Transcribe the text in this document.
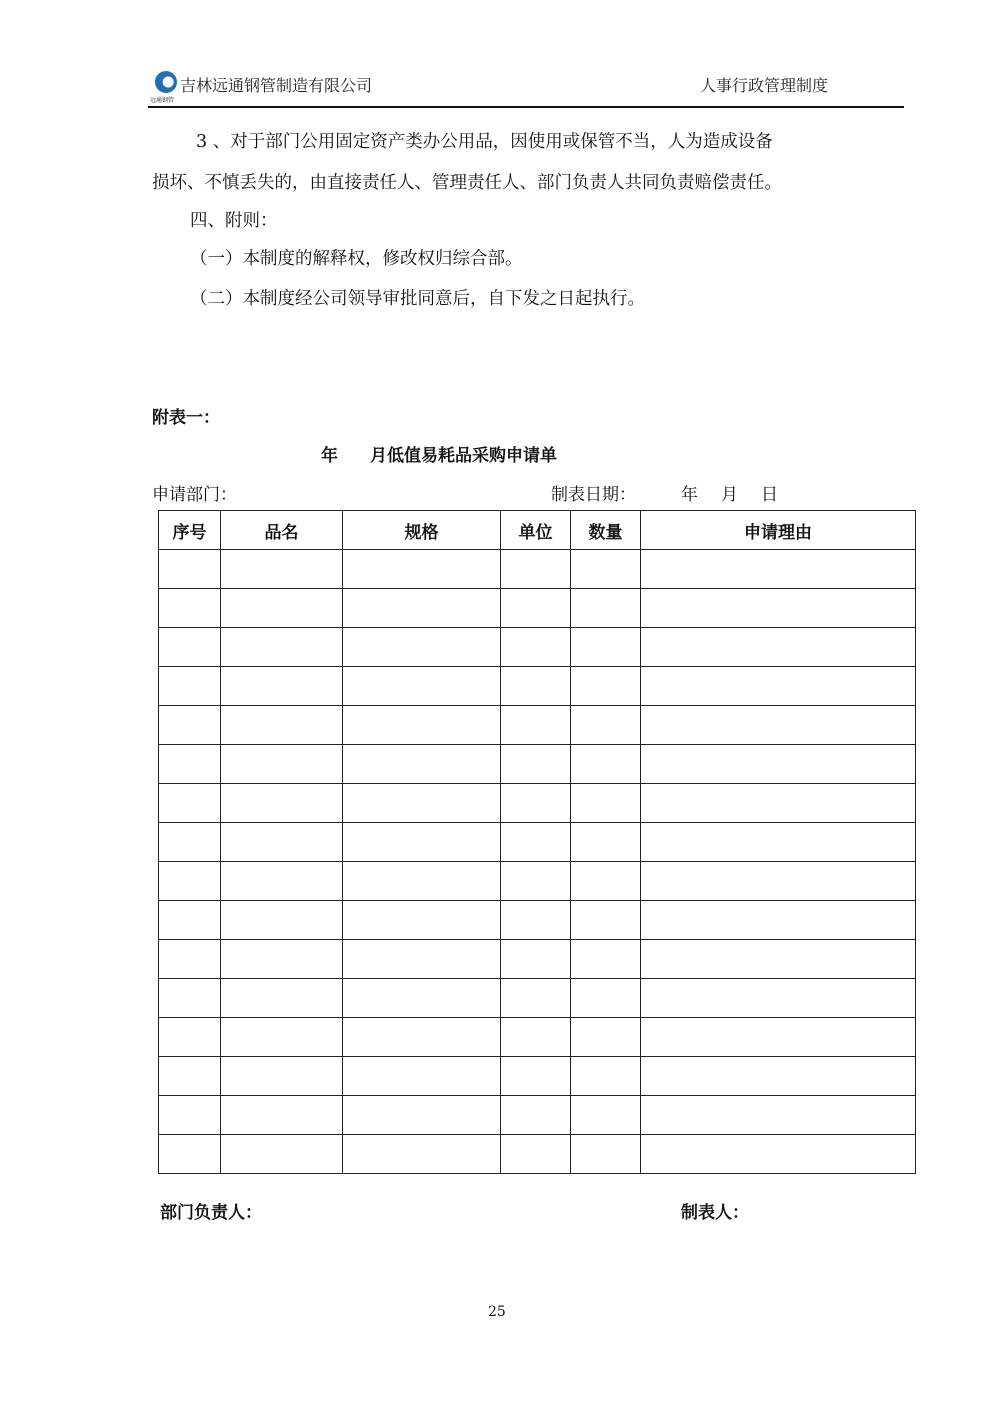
远通钢管
吉林远通钢管制造有限公司	人事行政管理制度
3 、对于部门公用固定资产类办公用品，因使用或保管不当，人为造成设备
损坏、不慎丢失的，由直接责任人、管理责任人、部门负责人共同负责赔偿责任。
四、附则：
（一）本制度的解释权，修改权归综合部。
（二）本制度经公司领导审批同意后，自下发之日起执行。
附表一：
年 月低值易耗品采购申请单
申请部门：	制表日期：	年 月 日
序号	品名	规格	单位	数量	申请理由

部门负责人：	制表人：
25
